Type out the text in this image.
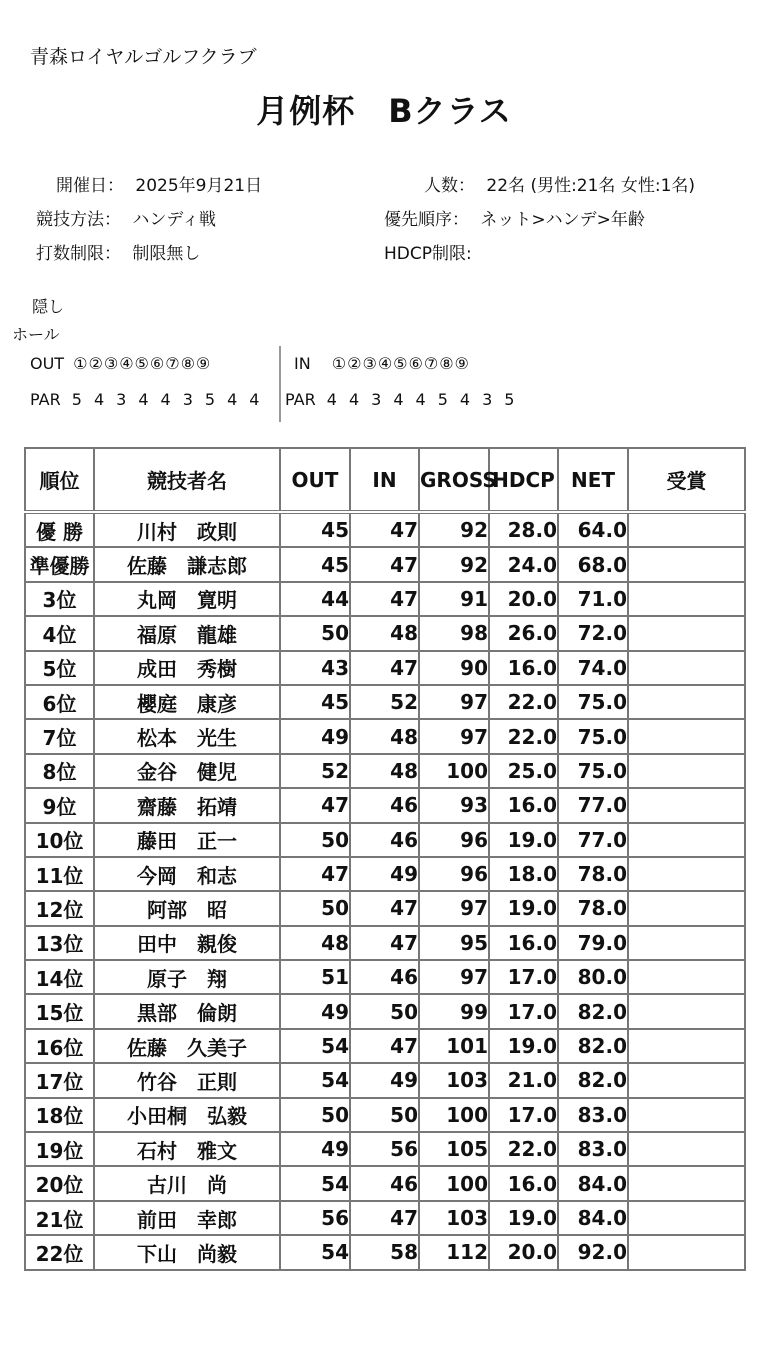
青森ロイヤルゴルフクラブ
月例杯　Bクラス
開催日： 2025年9月21日	人数： 22名 (男性:21名 女性:1名)
競技方法： ハンディ戦	優先順序： ネット>ハンデ>年齢
打数制限： 制限無し	HDCP制限:
隠し
ホール
OUT ①②③④⑤⑥⑦⑧⑨	IN ①②③④⑤⑥⑦⑧⑨
PAR 5 4 3 4 4 3 5 4 4	PAR 4 4 3 4 4 5 4 3 5
順位	競技者名	OUT	IN	GROSS	HDCP	NET	受賞
優 勝	川村　政則	45	47	92	28.0	64.0	
準優勝	佐藤　謙志郎	45	47	92	24.0	68.0	
3位	丸岡　寛明	44	47	91	20.0	71.0	
4位	福原　龍雄	50	48	98	26.0	72.0	
5位	成田　秀樹	43	47	90	16.0	74.0	
6位	櫻庭　康彦	45	52	97	22.0	75.0	
7位	松本　光生	49	48	97	22.0	75.0	
8位	金谷　健児	52	48	100	25.0	75.0	
9位	齋藤　拓靖	47	46	93	16.0	77.0	
10位	藤田　正一	50	46	96	19.0	77.0	
11位	今岡　和志	47	49	96	18.0	78.0	
12位	阿部　昭	50	47	97	19.0	78.0	
13位	田中　親俊	48	47	95	16.0	79.0	
14位	原子　翔	51	46	97	17.0	80.0	
15位	黒部　倫朗	49	50	99	17.0	82.0	
16位	佐藤　久美子	54	47	101	19.0	82.0	
17位	竹谷　正則	54	49	103	21.0	82.0	
18位	小田桐　弘毅	50	50	100	17.0	83.0	
19位	石村　雅文	49	56	105	22.0	83.0	
20位	古川　尚	54	46	100	16.0	84.0	
21位	前田　幸郎	56	47	103	19.0	84.0	
22位	下山　尚毅	54	58	112	20.0	92.0	
